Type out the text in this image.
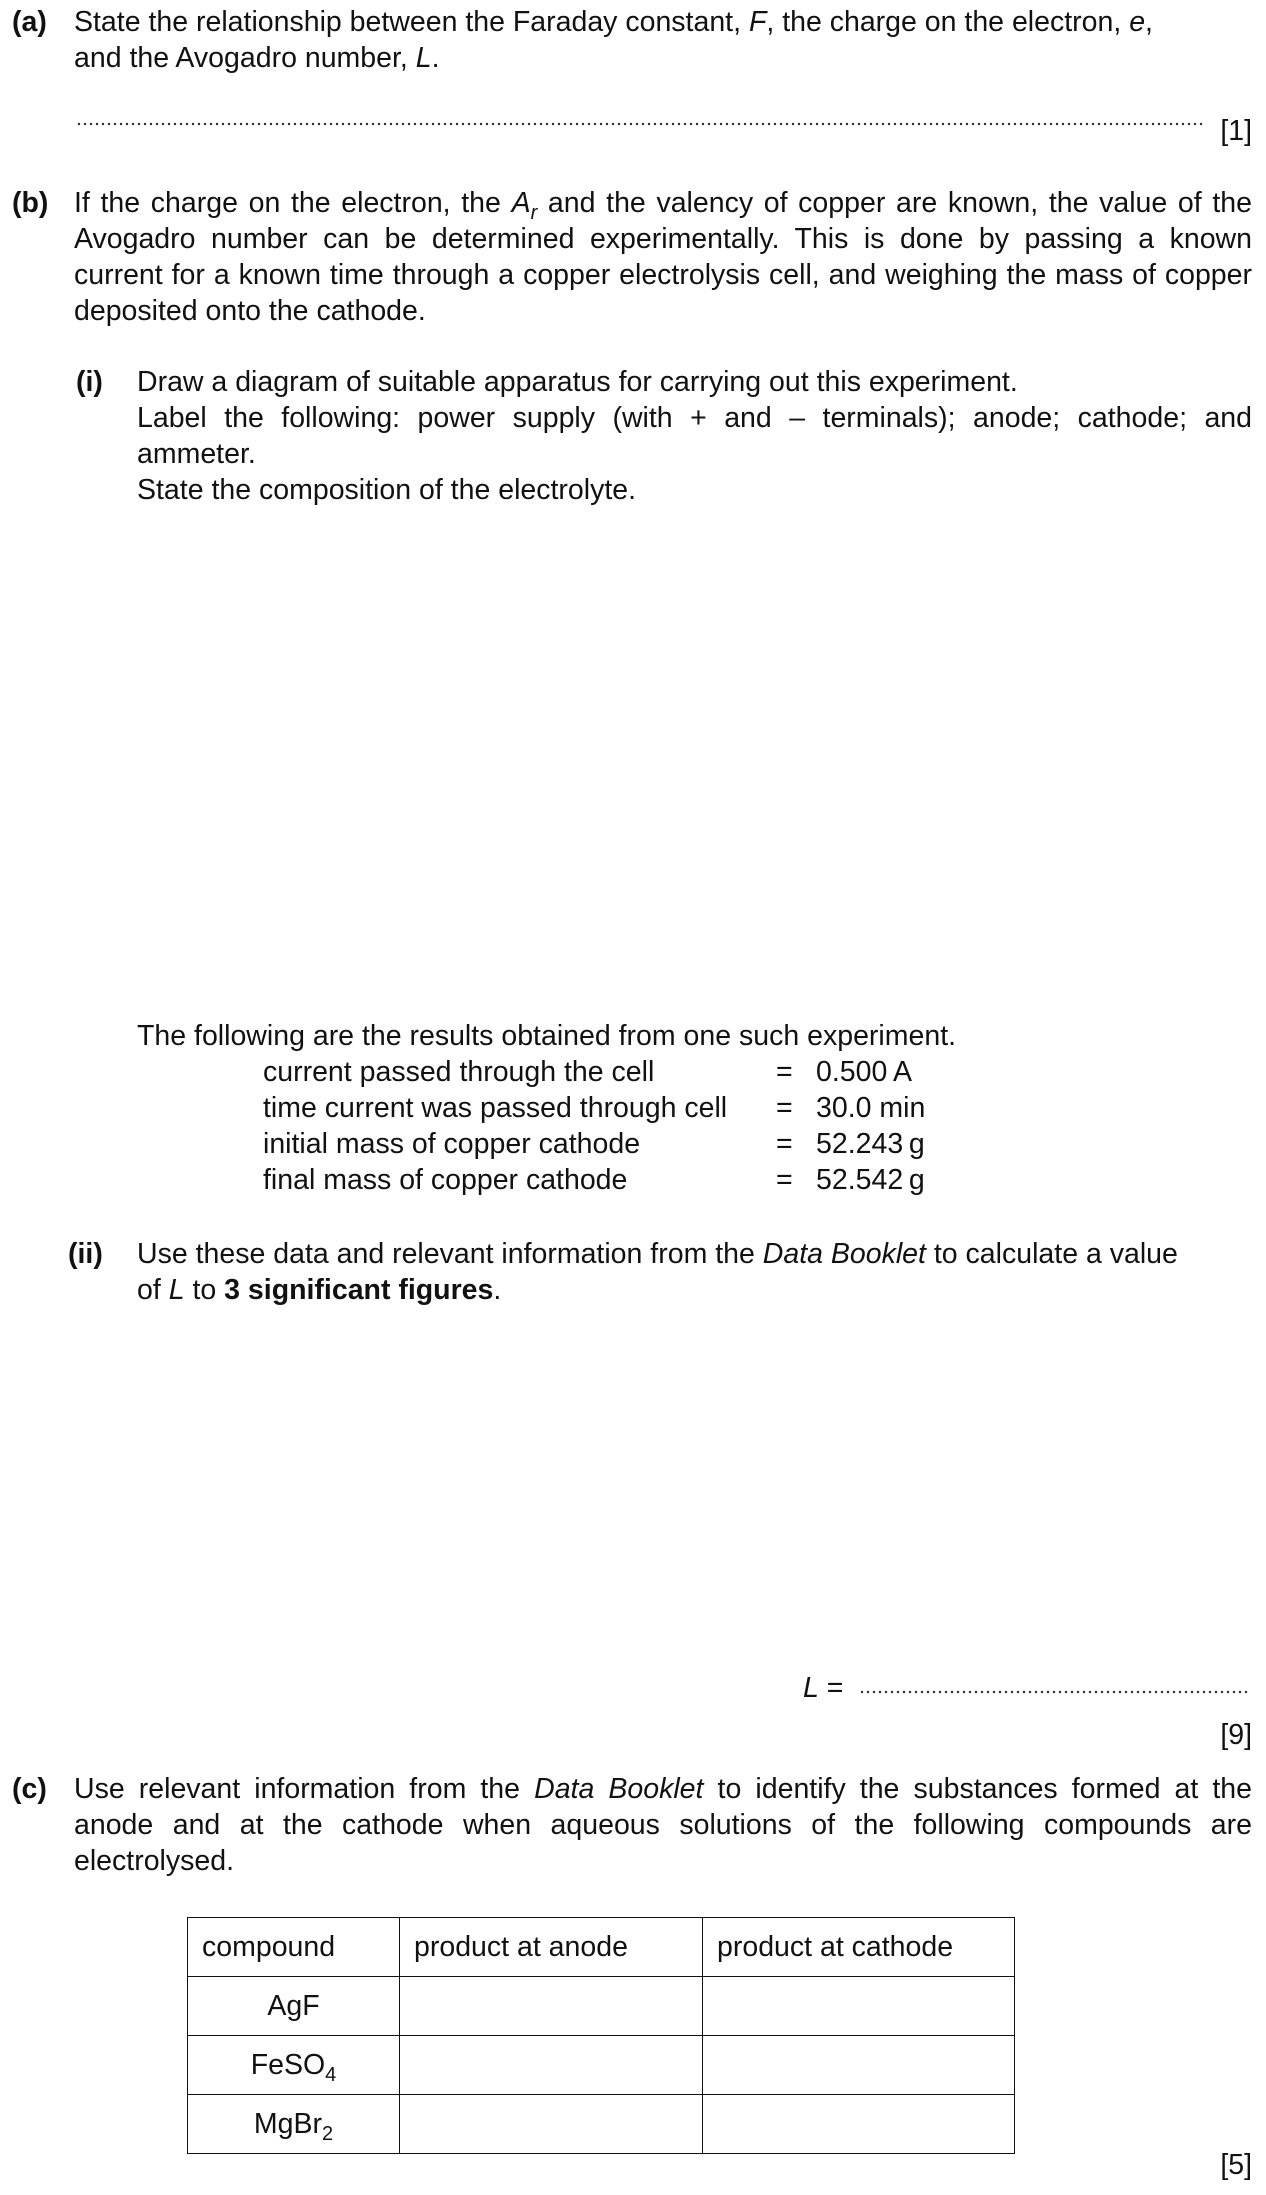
(a) State the relationship between the Faraday constant, F, the charge on the electron, e,
and the Avogadro number, L.
[1]
(b) If the charge on the electron, the $A_r$ and the valency of copper are known, the value of the Avogadro number can be determined experimentally. This is done by passing a known current for a known time through a copper electrolysis cell, and weighing the mass of copper deposited onto the cathode.
(i) Draw a diagram of suitable apparatus for carrying out this experiment.
Label the following: power supply (with + and – terminals); anode; cathode; and ammeter.
State the composition of the electrolyte.
The following are the results obtained from one such experiment.
current passed through the cell	= 0.500 A
time current was passed through cell = 30.0 min
initial mass of copper cathode	= 52.243 g
final mass of copper cathode	= 52.542 g
(ii) Use these data and relevant information from the Data Booklet to calculate a value
of L to 3 significant figures.
L =
[9]
(c) Use relevant information from the Data Booklet to identify the substances formed at the anode and at the cathode when aqueous solutions of the following compounds are electrolysed.
compound	product at anode	product at cathode
AgF		
FeSO$_4$		
MgBr$_2$		
[5]
